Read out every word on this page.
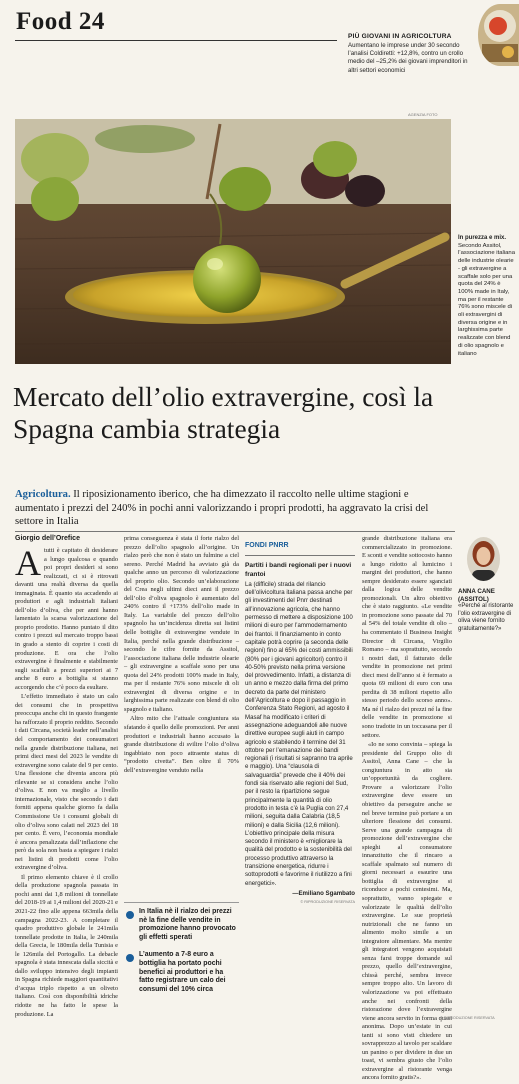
Food 24
PIÙ GIOVANI IN AGRICOLTURA
Aumentano le imprese under 30 secondo l’analisi Coldiretti: +12,8%, contro un crollo medio del –25,2% dei giovani imprenditori in altri settori economici
AGENZIA FOTO
In purezza e mix.
Secondo Assitol, l’associazione italiana delle industrie olearie - gli extravergine a scaffale solo per una quota del 24% è 100% made in Italy, ma per il restante 76% sono miscele di oli extravergini di diversa origine e in larghissima parte realizzate con blend di olio spagnolo e italiano
Mercato dell’olio extravergine, così la Spagna cambia strategia
Agricoltura. Il riposizionamento iberico, che ha dimezzato il raccolto nelle ultime stagioni e aumentato i prezzi del 240% in pochi anni valorizzando i propri prodotti, ha aggravato la crisi del settore in Italia
Giorgio dell’Orefice

Atutti è capitato di desiderare a lungo qualcosa e quando poi propri desideri si sono realizzati, ci si è ritrovati davanti una realtà diversa da quella immaginata. È quanto sta accadendo ai produttori e agli industriali italiani dell’olio d’oliva, che per anni hanno lamentato la scarsa valorizzazione del proprio prodotto. Hanno puntato il dito contro i prezzi sul mercato troppo bassi in grado a stento di coprire i costi di produzione. E ora che l’olio extravergine è finalmente e stabilmente sugli scaffali a prezzi superiori ai 7 anche 8 euro a bottiglia si stanno accorgendo che c’è poco da esultare.

L’effetto immediato è stato un calo dei consumi che in prospettiva preoccupa anche chi in questo frangente ha rafforzato il proprio reddito. Secondo i dati Circana, società leader nell’analisi del comportamento dei consumatori nella grande distribuzione italiana, nei primi dieci mesi del 2023 le vendite di extravergine sono calate del 9 per cento. Una flessione che diventa ancora più rilevante se si considera anche l’olio d’oliva. E non va meglio a livello internazionale, visto che secondo i dati forniti appena qualche giorno fa dalla Commissione Ue i consumi globali di olio d’oliva sono calati nel 2023 del 18 per cento. È vero, l’economia mondiale è ancora penalizzata dall’inflazione che però da sola non basta a spiegare i rialzi nei listini di prodotti come l’olio extravergine d’oliva.

Il primo elemento chiave è il crollo della produzione spagnola passata in pochi anni dai 1,8 milioni di tonnellate del 2018-19 ai 1,4 milioni del 2020-21 e 2021-22 fino alle appena 663mila della campagna 2022-23. A completare il quadro produttivo globale le 241mila tonnellate prodotte in Italia, le 240mila della Grecia, le 180mila della Tunisia e le 126mila del Portogallo. La debacle spagnola è stata innescata dalla siccità e dallo sviluppo intensivo degli impianti in Spagna richiede maggiori quantitativi d’acqua triplo rispetto a un oliveto italiano. Così con disponibilità idriche ridotte ne ha fatto le spese la produzione. La

prima conseguenza è stata il forte rialzo del prezzo dell’olio spagnolo all’origine. Un rialzo però che non è stato un fulmine a ciel sereno. Perché Madrid ha avviato già da qualche anno un percorso di valorizzazione del proprio olio. Secondo un’elaborazione del Crea negli ultimi dieci anni il prezzo dell’olio d’oliva spagnolo è aumentato del 240% contro il +173% dell’olio made in Italy. La variabile del prezzo dell’olio spagnolo ha un’incidenza diretta sui listini delle bottiglie di extravergine vendute in Italia, perché nella grande distribuzione – secondo le cifre fornite da Assitol, l’associazione italiana delle industrie olearie – gli extravergine a scaffale sono per una quota del 24% prodotti 100% made in Italy, ma per il restante 76% sono miscele di oli extravergini di diversa origine e in larghissima parte realizzate con blend di olio spagnolo e italiano.

Altro mito che l’attuale congiuntura sta sfatando è quello delle promozioni. Per anni produttori e industriali hanno accusato la grande distribuzione di svilire l’olio d’oliva ingabbiato non poco attraente status di “prodotto civetta”. Ben oltre il 70% dell’extravergine venduto nella

In Italia nè il rialzo dei prezzi nè la fine delle vendite in promozione hanno provocato gli effetti sperati
L’aumento a 7-8 euro a bottiglia ha portato pochi benefici ai produttori e ha fatto registrare un calo dei consumi del 10% circa
FONDI PNRR
Partiti i bandi regionali per i nuovi frantoi
La (difficile) strada del rilancio dell’olivicoltura italiana passa anche per gli investimenti del Pnrr destinati all’innovazione agricola, che hanno permesso di mettere a disposizione 100 milioni di euro per l’ammodernamento dei frantoi. Il finanziamento in conto capitale potrà coprire (a seconda delle regioni) fino al 65% dei costi ammissibili (80% per i giovani agricoltori) contro il 40-50% previsto nella prima versione del provvedimento. Infatti, a distanza di un anno e mezzo dalla firma del primo decreto da parte del ministero dell’Agricoltura e dopo il passaggio in Conferenza Stato Regioni, ad agosto il Masaf ha modificato i criteri di assegnazione adeguandoli alle nuove direttive europee sugli aiuti in campo agricolo e stabilendo il termine del 31 ottobre per l’emanazione dei bandi regionali (i risultati si sapranno tra aprile e maggio). Una “clausola di salvaguardia” prevede che il 40% dei fondi sia riservato alle regioni del Sud, per il resto la ripartizione segue principalmente la quantità di olio prodotto in testa c’è la Puglia con 27,4 milioni, seguita dalla Calabria (18,5 milioni) e dalla Sicilia (12,6 milioni). L’obiettivo principale della misura secondo il ministero è «migliorare la qualità del prodotto e la sostenibilità del processo produttivo attraverso la transizione energetica, ridurre i sottoprodotti e favorirne il riutilizzo a fini energetici».
—Emiliano Sgambato
© RIPRODUZIONE RISERVATA

grande distribuzione italiana era commercializzato in promozione. E sconti e vendite sottocosto hanno a lungo ridotto al lumicino i margini dei produttori, che hanno sempre desiderato essere sganciati dalla logica delle vendite promozionali. Un altro obiettivo che è stato raggiunto. «Le vendite in promozione sono passate dal 70 al 54% del totale vendite di olio – ha commentato il Business Insight Director di Circana, Virgilio Romano – ma soprattutto, secondo i nostri dati, il fatturato delle vendite in promozione nei primi dieci mesi dell’anno si è fermato a quota 69 milioni di euro con una perdita di 38 milioni rispetto allo stesso periodo dello scorso anno». Ma né il rialzo dei prezzi né la fine delle vendite in promozione si sono tradotte in un toccasana per il settore.

«Io ne sono convinta – spiega la presidente del Gruppo olio di Assitol, Anna Cane – che la congiuntura in atto sia un’opportunità da cogliere. Provare a valorizzare l’olio extravergine deve essere un obiettivo da perseguire anche se nel breve termine può portare a un ulteriore flessione dei consumi. Serve una grande campagna di promozione dell’extravergine che spieghi al consumatore innanzitutto che il rincaro a scaffale spalmato sul numero di giorni necessari a esaurire una bottiglia di extravergine si riconduce a pochi centesimi. Ma, soprattutto, vanno spiegate e valorizzate le qualità dell’olio extravergine. Le sue proprietà nutrizionali che ne fanno un alimento molto simile a un integratore alimentare. Ma mentre gli integratori vengono acquistati senza farsi troppe domande sul prezzo, quello dell’extravergine, chissà perché, sembra invece sempre troppo alto. Un lavoro di valorizzazione va poi effettuato anche nei confronti della ristorazione dove l’extravergine viene ancora servito in forma quasi anonima. Dopo un’estate in cui tanti si sono visti chiedere un sovrapprezzo al tavolo per scaldare un panino o per dividere in due un toast, vi sembra giusto che l’olio extravergine al ristorante venga ancora fornito gratis?».

© RIPRODUZIONE RISERVATA
ANNA CANE
(ASSITOL)
«Perché al ristorante l’olio extravergine di oliva viene fornito gratuitamente?»
